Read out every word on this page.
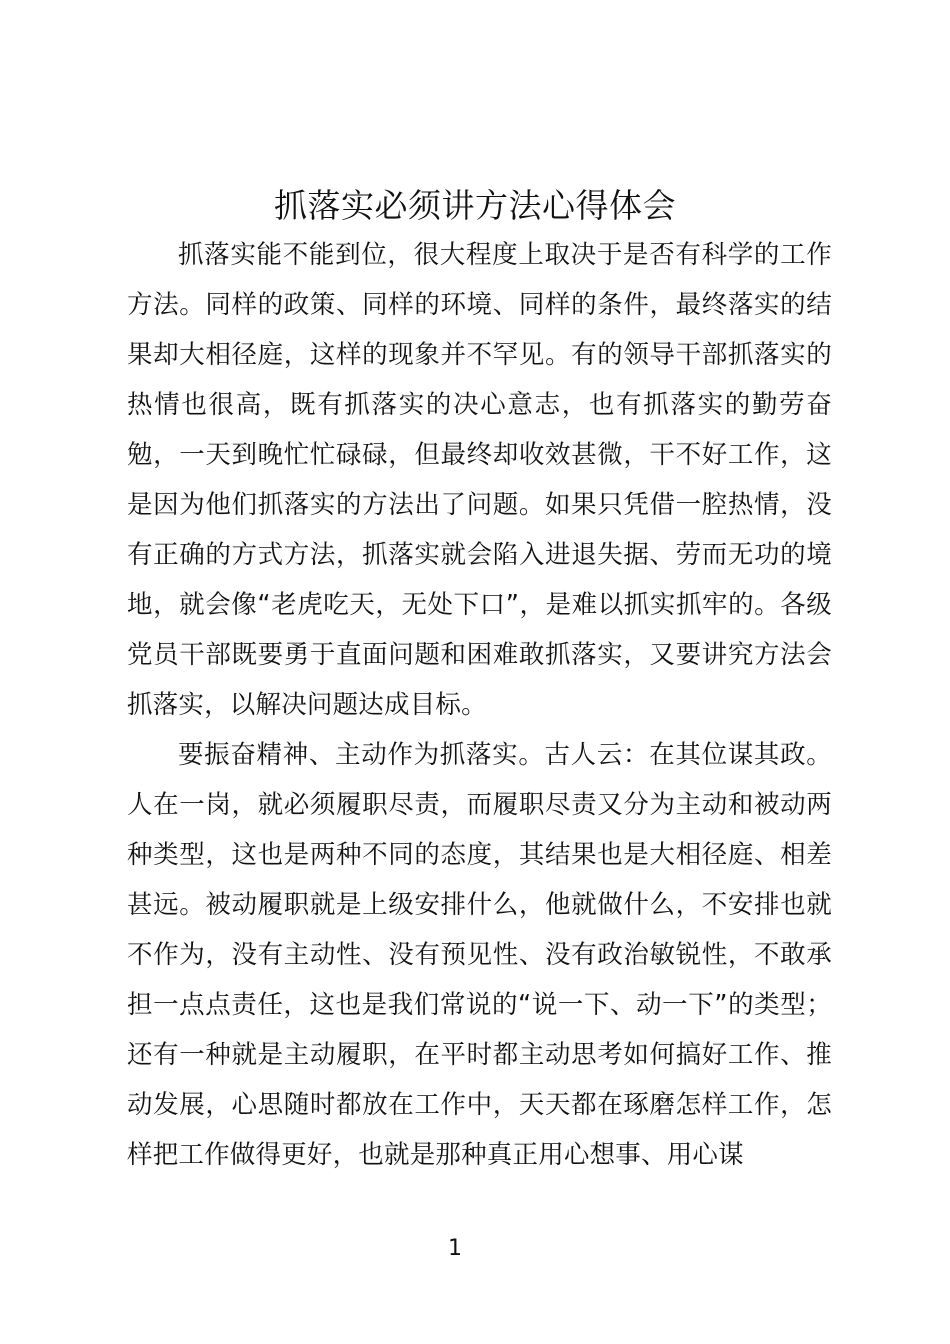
抓落实必须讲方法心得体会

抓落实能不能到位，很大程度上取决于是否有科学的工作方法。同样的政策、同样的环境、同样的条件，最终落实的结果却大相径庭，这样的现象并不罕见。有的领导干部抓落实的热情也很高，既有抓落实的决心意志，也有抓落实的勤劳奋勉，一天到晚忙忙碌碌，但最终却收效甚微，干不好工作，这是因为他们抓落实的方法出了问题。如果只凭借一腔热情，没有正确的方式方法，抓落实就会陷入进退失据、劳而无功的境地，就会像“老虎吃天，无处下口”，是难以抓实抓牢的。各级党员干部既要勇于直面问题和困难敢抓落实，又要讲究方法会抓落实，以解决问题达成目标。

要振奋精神、主动作为抓落实。古人云：在其位谋其政。人在一岗，就必须履职尽责，而履职尽责又分为主动和被动两种类型，这也是两种不同的态度，其结果也是大相径庭、相差甚远。被动履职就是上级安排什么，他就做什么，不安排也就不作为，没有主动性、没有预见性、没有政治敏锐性，不敢承担一点点责任，这也是我们常说的“说一下、动一下”的类型；还有一种就是主动履职，在平时都主动思考如何搞好工作、推动发展，心思随时都放在工作中，天天都在琢磨怎样工作，怎样把工作做得更好，也就是那种真正用心想事、用心谋

1
